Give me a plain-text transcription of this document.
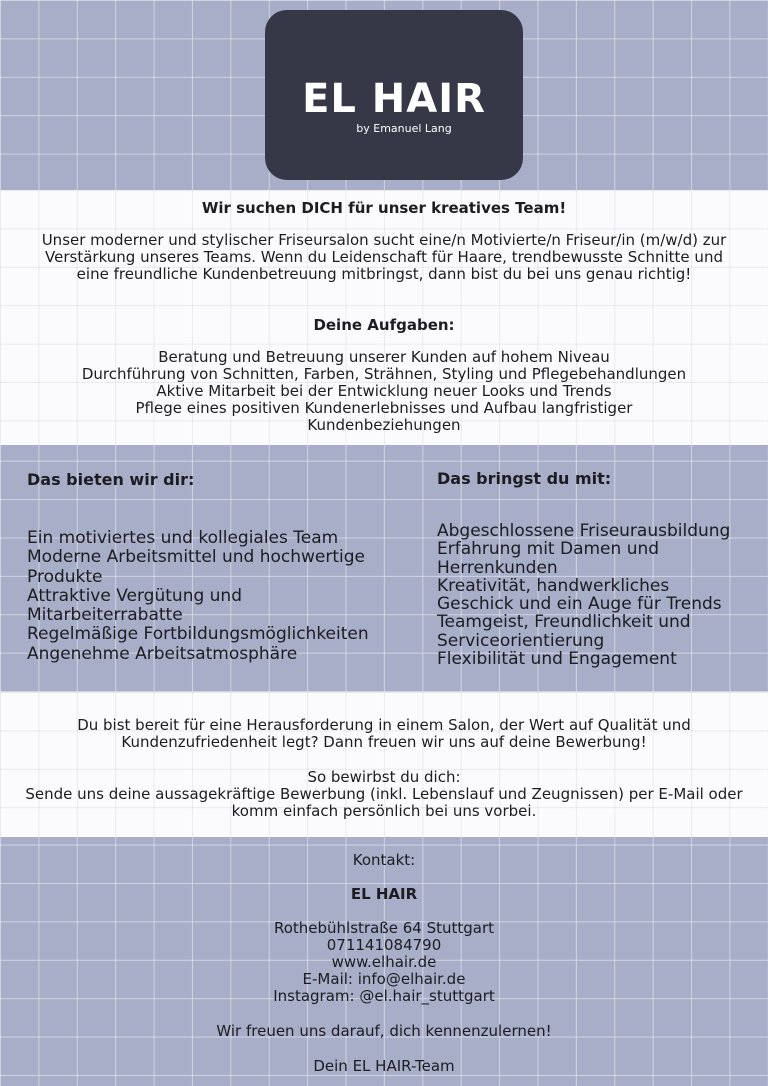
EL HAIR
by Emanuel Lang
Wir suchen DICH für unser kreatives Team!
Unser moderner und stylischer Friseursalon sucht eine/n Motivierte/n Friseur/in (m/w/d) zur Verstärkung unseres Teams. Wenn du Leidenschaft für Haare, trendbewusste Schnitte und eine freundliche Kundenbetreuung mitbringst, dann bist du bei uns genau richtig!
Deine Aufgaben:
Beratung und Betreuung unserer Kunden auf hohem Niveau
Durchführung von Schnitten, Farben, Strähnen, Styling und Pflegebehandlungen
Aktive Mitarbeit bei der Entwicklung neuer Looks und Trends
Pflege eines positiven Kundenerlebnisses und Aufbau langfristiger Kundenbeziehungen
Das bieten wir dir:
Ein motiviertes und kollegiales Team
Moderne Arbeitsmittel und hochwertige Produkte
Attraktive Vergütung und Mitarbeiterrabatte
Regelmäßige Fortbildungsmöglichkeiten
Angenehme Arbeitsatmosphäre
Das bringst du mit:
Abgeschlossene Friseurausbildung
Erfahrung mit Damen und Herrenkunden
Kreativität, handwerkliches Geschick und ein Auge für Trends
Teamgeist, Freundlichkeit und Serviceorientierung
Flexibilität und Engagement
Du bist bereit für eine Herausforderung in einem Salon, der Wert auf Qualität und Kundenzufriedenheit legt? Dann freuen wir uns auf deine Bewerbung!
So bewirbst du dich:
Sende uns deine aussagekräftige Bewerbung (inkl. Lebenslauf und Zeugnissen) per E-Mail oder komm einfach persönlich bei uns vorbei.
Kontakt:
EL HAIR
Rothebühlstraße 64 Stuttgart
071141084790
www.elhair.de
E-Mail: info@elhair.de
Instagram: @el.hair_stuttgart
Wir freuen uns darauf, dich kennenzulernen!
Dein EL HAIR-Team
